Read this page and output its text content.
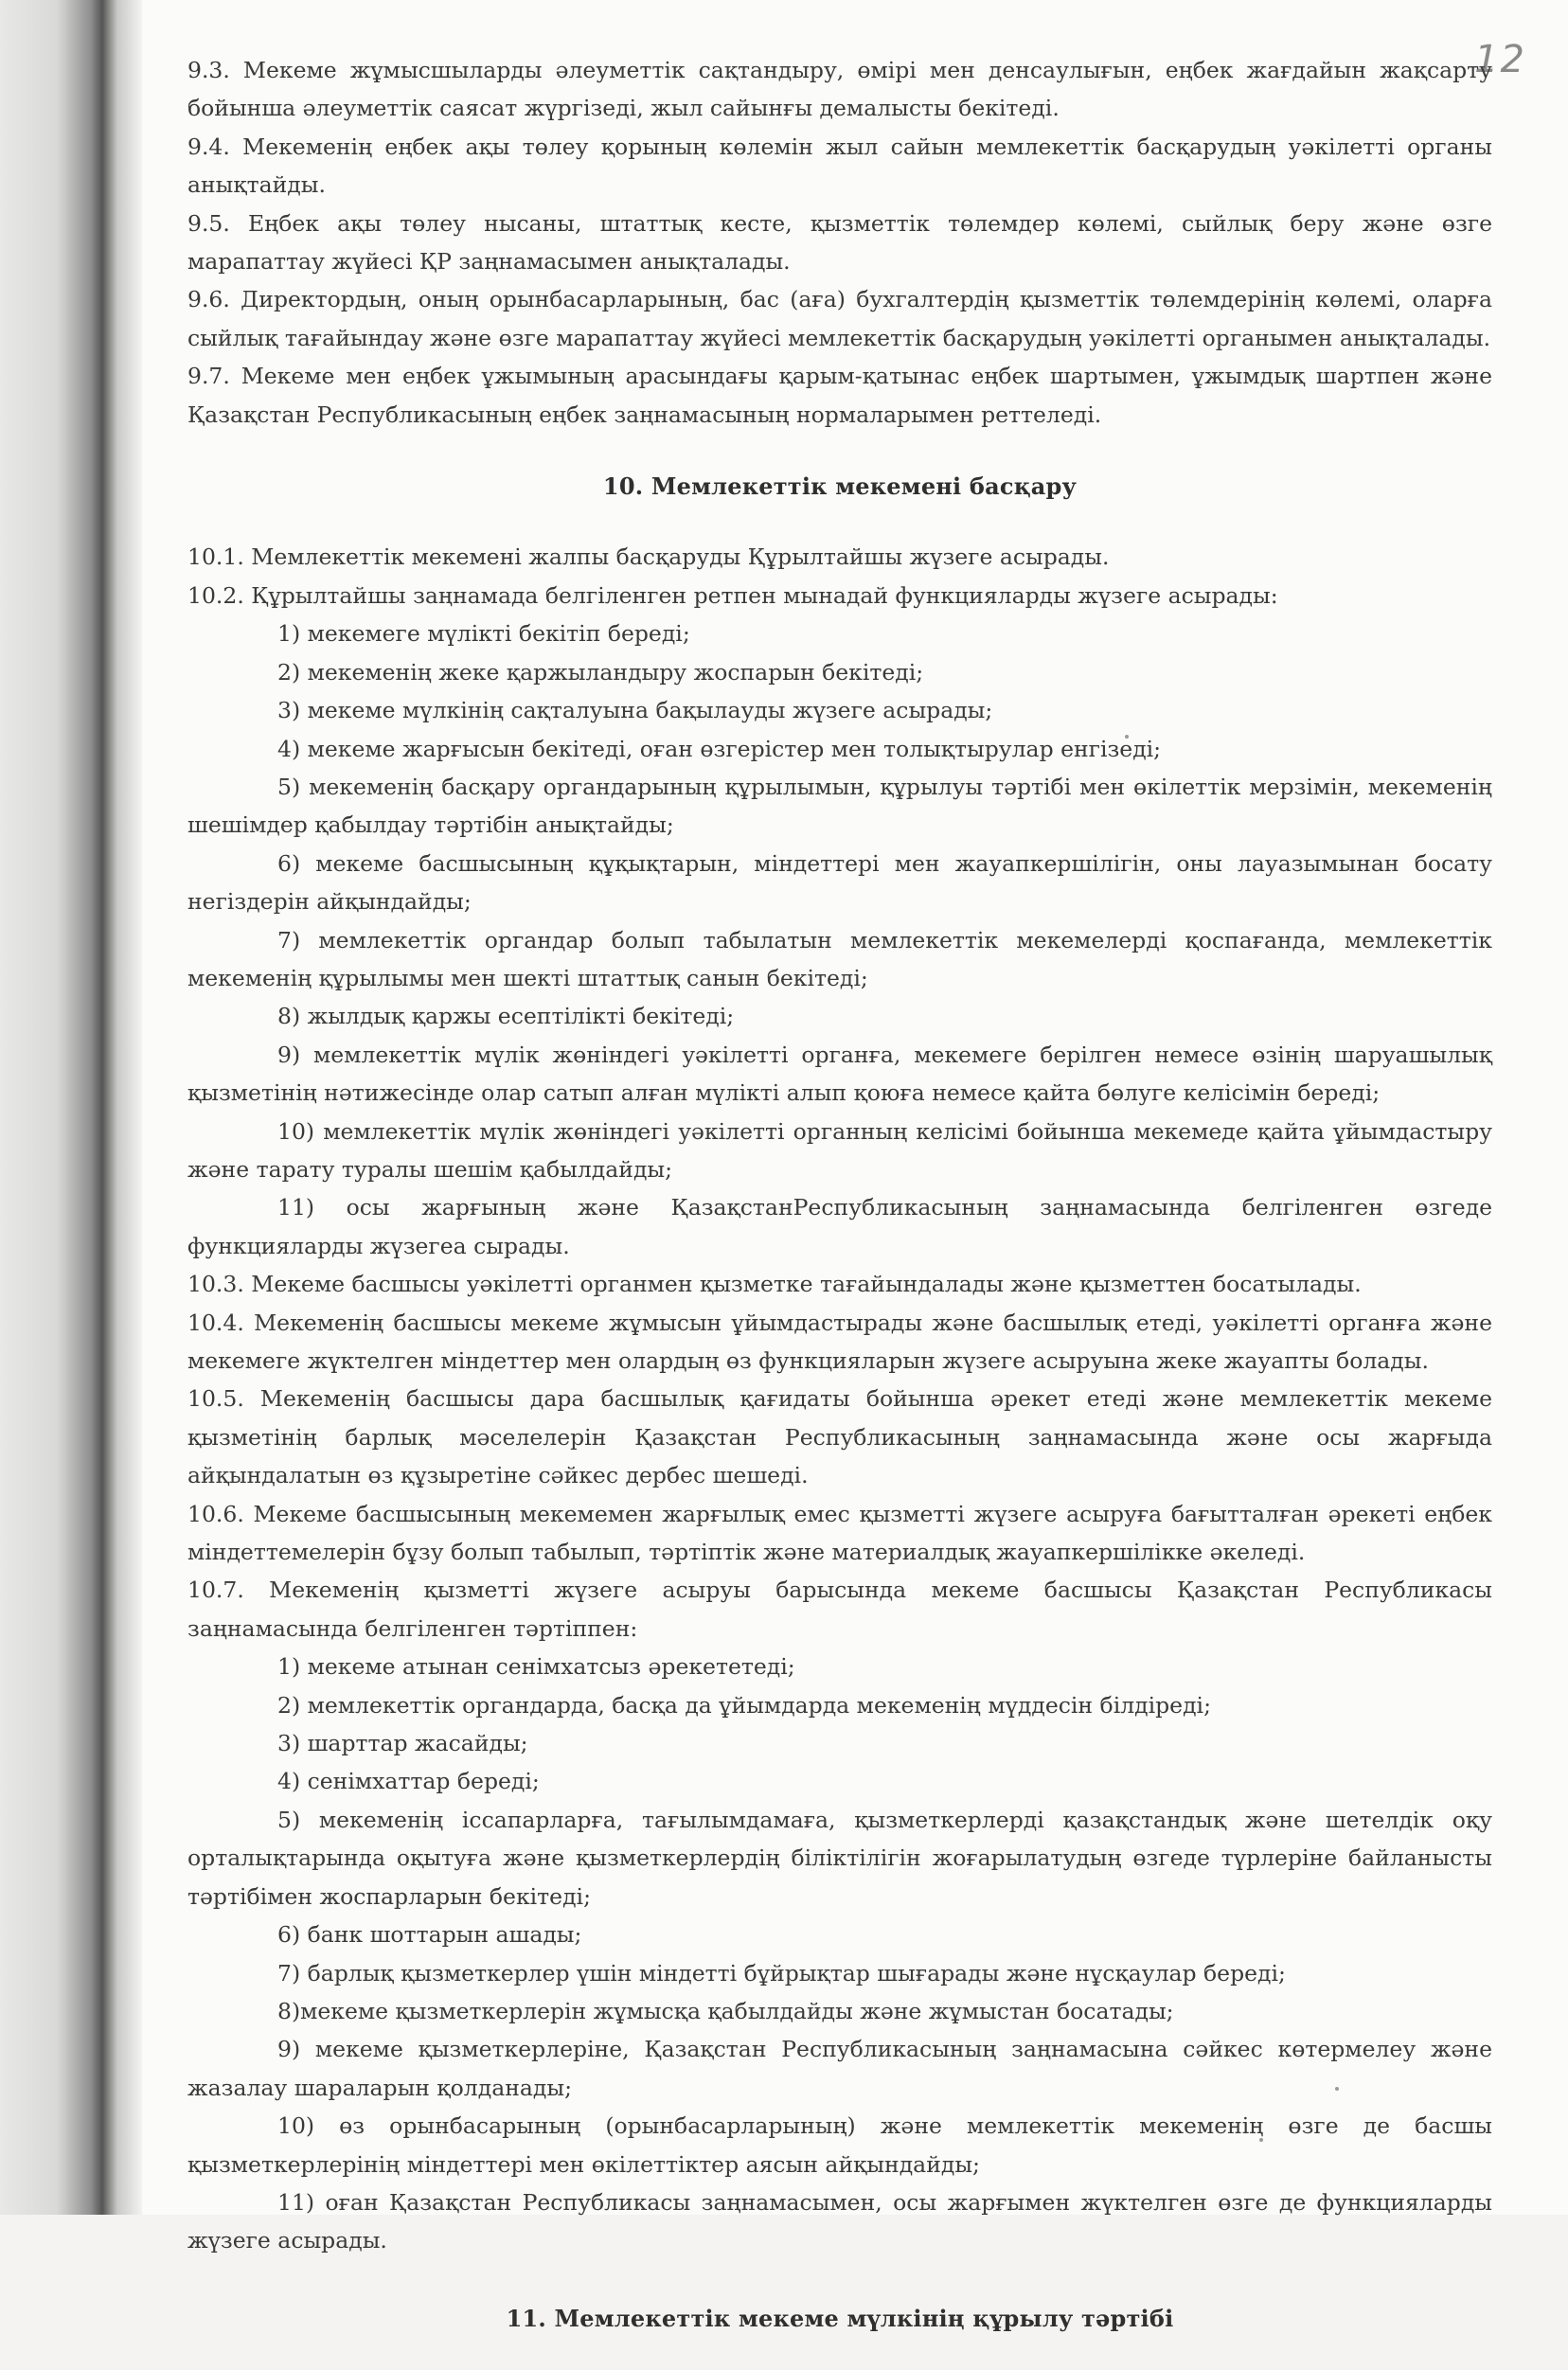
12

9.3. Мекеме жұмысшыларды әлеуметтік сақтандыру, өмірі мен денсаулығын, еңбек жағдайын жақсарту бойынша әлеуметтік саясат жүргізеді, жыл сайынғы демалысты бекітеді.

9.4. Мекеменің еңбек ақы төлеу қорының көлемін жыл сайын мемлекеттік басқарудың уәкілетті органы анықтайды.

9.5. Еңбек ақы төлеу нысаны, штаттық кесте, қызметтік төлемдер көлемі, сыйлық беру және өзге марапаттау жүйесі ҚР заңнамасымен анықталады.

9.6. Директордың, оның орынбасарларының, бас (аға) бухгалтердің қызметтік төлемдерінің көлемі, оларға сыйлық тағайындау және өзге марапаттау жүйесі мемлекеттік басқарудың уәкілетті органымен анықталады.

9.7. Мекеме мен еңбек ұжымының арасындағы қарым-қатынас еңбек шартымен, ұжымдық шартпен және Қазақстан Республикасының еңбек заңнамасының нормаларымен реттеледі.

10. Мемлекеттік мекемені басқару

10.1. Мемлекеттік мекемені жалпы басқаруды Құрылтайшы жүзеге асырады.

10.2. Құрылтайшы заңнамада белгіленген ретпен мынадай функцияларды жүзеге асырады:

1) мекемеге мүлікті бекітіп береді;

2) мекеменің жеке қаржыландыру жоспарын бекітеді;

3) мекеме мүлкінің сақталуына бақылауды жүзеге асырады;

4) мекеме жарғысын бекітеді, оған өзгерістер мен толықтырулар енгізеді;

5) мекеменің басқару органдарының құрылымын, құрылуы тәртібі мен өкілеттік мерзімін, мекеменің шешімдер қабылдау тәртібін анықтайды;

6) мекеме басшысының құқықтарын, міндеттері мен жауапкершілігін, оны лауазымынан босату негіздерін айқындайды;

7) мемлекеттік органдар болып табылатын мемлекеттік мекемелерді қоспағанда, мемлекеттік мекеменің құрылымы мен шекті штаттық санын бекітеді;

8) жылдық қаржы есептілікті бекітеді;

9) мемлекеттік мүлік жөніндегі уәкілетті органға, мекемеге берілген немесе өзінің шаруашылық қызметінің нәтижесінде олар сатып алған мүлікті алып қоюға немесе қайта бөлуге келісімін береді;

10) мемлекеттік мүлік жөніндегі уәкілетті органның келісімі бойынша мекемеде қайта ұйымдастыру және тарату туралы шешім қабылдайды;

11) осы жарғының және ҚазақстанРеспубликасының заңнамасында белгіленген өзгеде функцияларды жүзегеа сырады.

10.3. Мекеме басшысы уәкілетті органмен қызметке тағайындалады және қызметтен босатылады.

10.4. Мекеменің басшысы мекеме жұмысын ұйымдастырады және басшылық етеді, уәкілетті органға және мекемеге жүктелген міндеттер мен олардың өз функцияларын жүзеге асыруына жеке жауапты болады.

10.5. Мекеменің басшысы дара басшылық қағидаты бойынша әрекет етеді және мемлекеттік мекеме қызметінің барлық мәселелерін Қазақстан Республикасының заңнамасында және осы жарғыда айқындалатын өз құзыретіне сәйкес дербес шешеді.

10.6. Мекеме басшысының мекемемен жарғылық емес қызметті жүзеге асыруға бағытталған әрекеті еңбек міндеттемелерін бұзу болып табылып, тәртіптік және материалдық жауапкершілікке әкеледі.

10.7. Мекеменің қызметті жүзеге асыруы барысында мекеме басшысы Қазақстан Республикасы заңнамасында белгіленген тәртіппен:

1) мекеме атынан сенімхатсыз әрекететеді;

2) мемлекеттік органдарда, басқа да ұйымдарда мекеменің мүддесін білдіреді;

3) шарттар жасайды;

4) сенімхаттар береді;

5) мекеменің іссапарларға, тағылымдамаға, қызметкерлерді қазақстандық және шетелдік оқу орталықтарында оқытуға және қызметкерлердің біліктілігін жоғарылатудың өзгеде түрлеріне байланысты тәртібімен жоспарларын бекітеді;

6) банк шоттарын ашады;

7) барлық қызметкерлер үшін міндетті бұйрықтар шығарады және нұсқаулар береді;

8)мекеме қызметкерлерін жұмысқа қабылдайды және жұмыстан босатады;

9) мекеме қызметкерлеріне, Қазақстан Республикасының заңнамасына сәйкес көтермелеу және жазалау шараларын қолданады;

10) өз орынбасарының (орынбасарларының) және мемлекеттік мекеменің өзге де басшы қызметкерлерінің міндеттері мен өкілеттіктер аясын айқындайды;

11) оған Қазақстан Республикасы заңнамасымен, осы жарғымен жүктелген өзге де функцияларды жүзеге асырады.

11. Мемлекеттік мекеме мүлкінің құрылу тәртібі
